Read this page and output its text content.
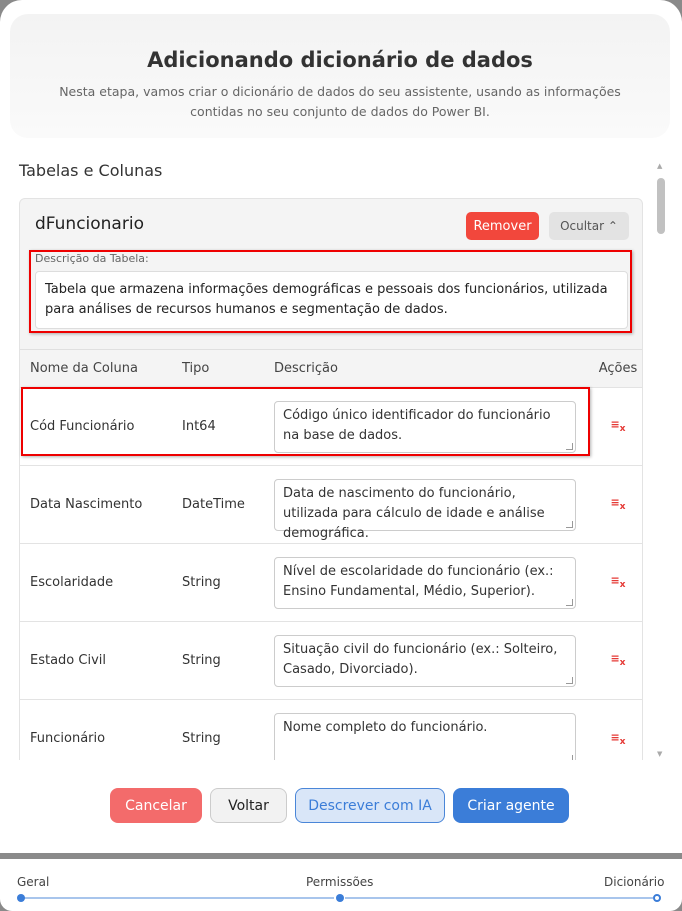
Adicionando dicionário de dados

Nesta etapa, vamos criar o dicionário de dados do seu assistente, usando as informações contidas no seu conjunto de dados do Power BI.

Tabelas e Colunas
dFuncionario	Remover	Ocultar ⌃
Descrição da Tabela:
Tabela que armazena informações demográficas e pessoais dos funcionários, utilizada para análises de recursos humanos e segmentação de dados.
Nome da Coluna	Tipo	Descrição	Ações
Cód Funcionário	Int64	Código único identificador do funcionário na base de dados.	$\equiv_x$
Data Nascimento	DateTime	Data de nascimento do funcionário, utilizada para cálculo de idade e análise demográfica.	$\equiv_x$
Escolaridade	String	Nível de escolaridade do funcionário (ex.: Ensino Fundamental, Médio, Superior).	$\equiv_x$
Estado Civil	String	Situação civil do funcionário (ex.: Solteiro, Casado, Divorciado).	$\equiv_x$
Funcionário	String	Nome completo do funcionário.	$\equiv_x$
▲
▼
Cancelar	Voltar	Descrever com IA	Criar agente
Geral	Permissões	Dicionário
